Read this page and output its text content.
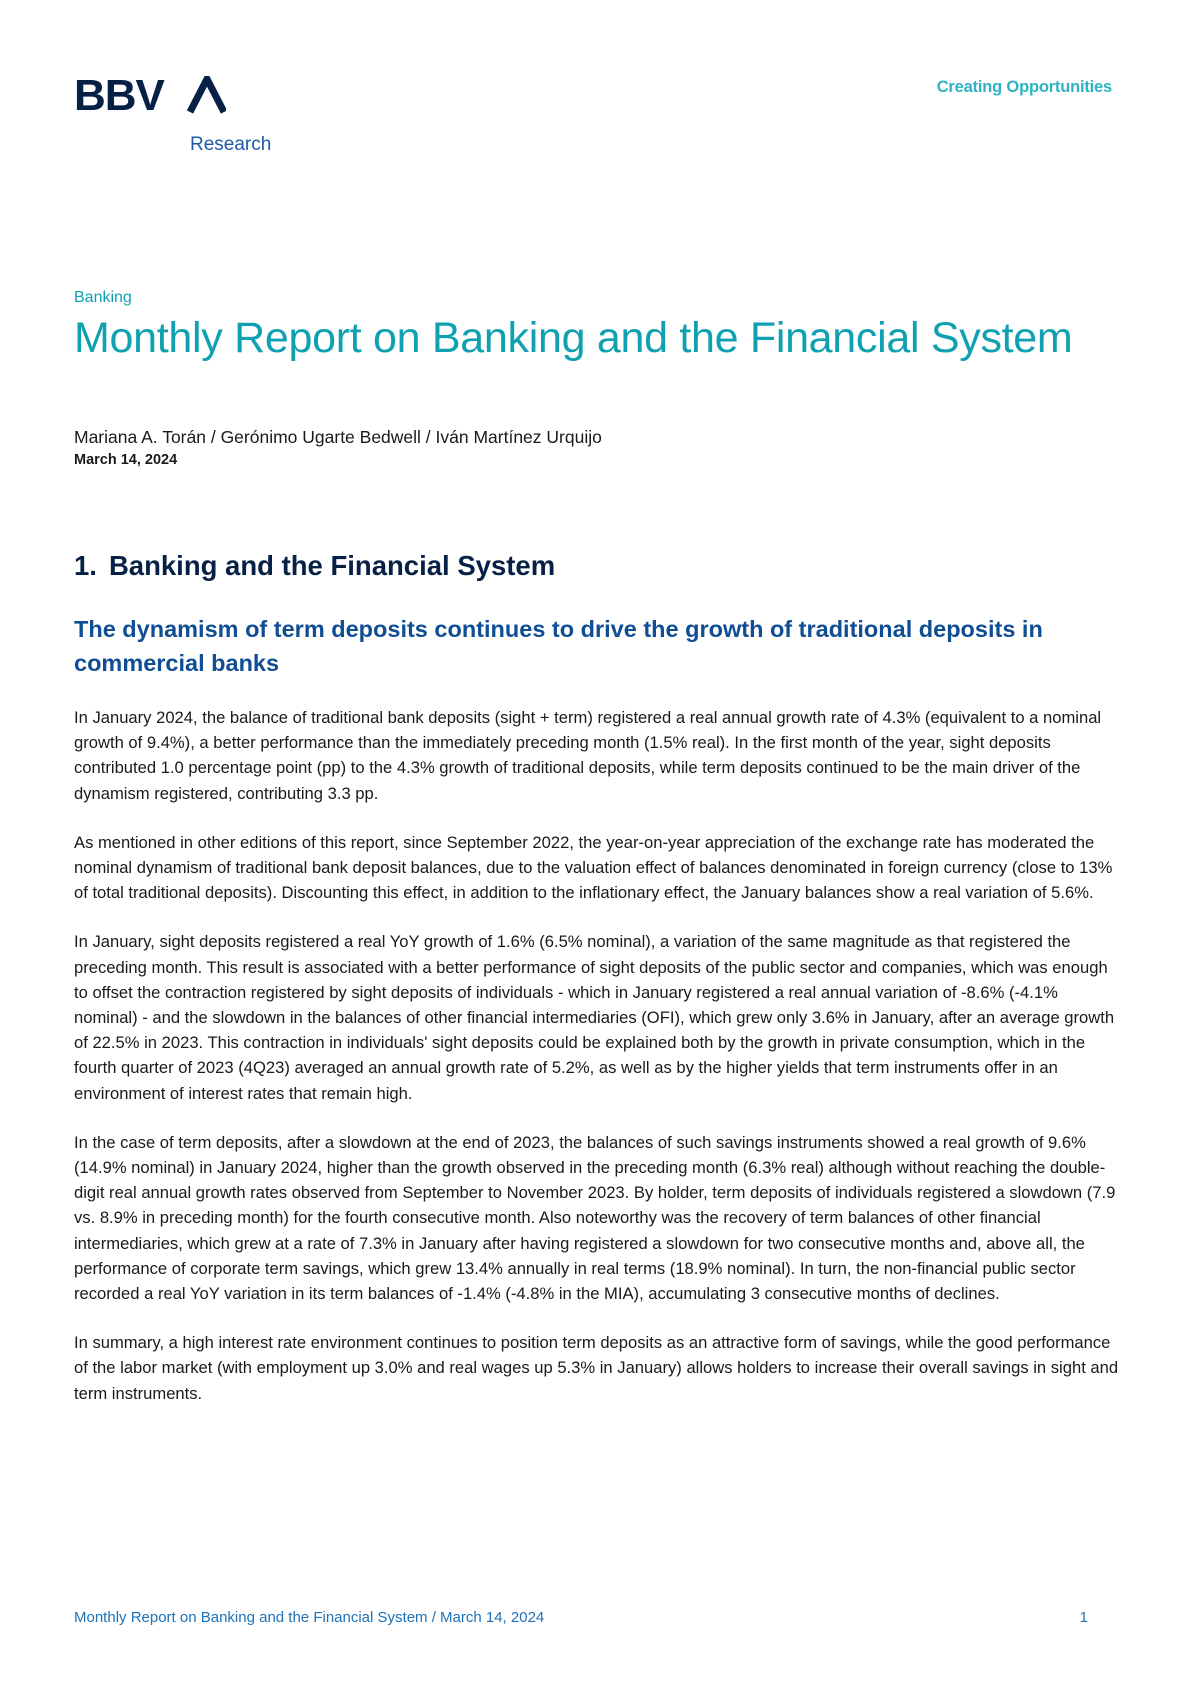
BBV
Research
Creating Opportunities
Banking
Monthly Report on Banking and the Financial System
Mariana A. Torán / Gerónimo Ugarte Bedwell / Iván Martínez Urquijo
March 14, 2024
1. Banking and the Financial System
The dynamism of term deposits continues to drive the growth of traditional deposits in commercial banks

In January 2024, the balance of traditional bank deposits (sight + term) registered a real annual growth rate of 4.3% (equivalent to a nominal growth of 9.4%), a better performance than the immediately preceding month (1.5% real). In the first month of the year, sight deposits contributed 1.0 percentage point (pp) to the 4.3% growth of traditional deposits, while term deposits continued to be the main driver of the dynamism registered, contributing 3.3 pp.

As mentioned in other editions of this report, since September 2022, the year-on-year appreciation of the exchange rate has moderated the nominal dynamism of traditional bank deposit balances, due to the valuation effect of balances denominated in foreign currency (close to 13% of total traditional deposits). Discounting this effect, in addition to the inflationary effect, the January balances show a real variation of 5.6%.

In January, sight deposits registered a real YoY growth of 1.6% (6.5% nominal), a variation of the same magnitude as that registered the preceding month. This result is associated with a better performance of sight deposits of the public sector and companies, which was enough to offset the contraction registered by sight deposits of individuals - which in January registered a real annual variation of -8.6% (-4.1% nominal) - and the slowdown in the balances of other financial intermediaries (OFI), which grew only 3.6% in January, after an average growth of 22.5% in 2023. This contraction in individuals' sight deposits could be explained both by the growth in private consumption, which in the fourth quarter of 2023 (4Q23) averaged an annual growth rate of 5.2%, as well as by the higher yields that term instruments offer in an environment of interest rates that remain high.

In the case of term deposits, after a slowdown at the end of 2023, the balances of such savings instruments showed a real growth of 9.6% (14.9% nominal) in January 2024, higher than the growth observed in the preceding month (6.3% real) although without reaching the double-digit real annual growth rates observed from September to November 2023. By holder, term deposits of individuals registered a slowdown (7.9 vs. 8.9% in preceding month) for the fourth consecutive month. Also noteworthy was the recovery of term balances of other financial intermediaries, which grew at a rate of 7.3% in January after having registered a slowdown for two consecutive months and, above all, the performance of corporate term savings, which grew 13.4% annually in real terms (18.9% nominal). In turn, the non-financial public sector recorded a real YoY variation in its term balances of -1.4% (-4.8% in the MIA), accumulating 3 consecutive months of declines.

In summary, a high interest rate environment continues to position term deposits as an attractive form of savings, while the good performance of the labor market (with employment up 3.0% and real wages up 5.3% in January) allows holders to increase their overall savings in sight and term instruments.

Monthly Report on Banking and the Financial System / March 14, 2024	1
